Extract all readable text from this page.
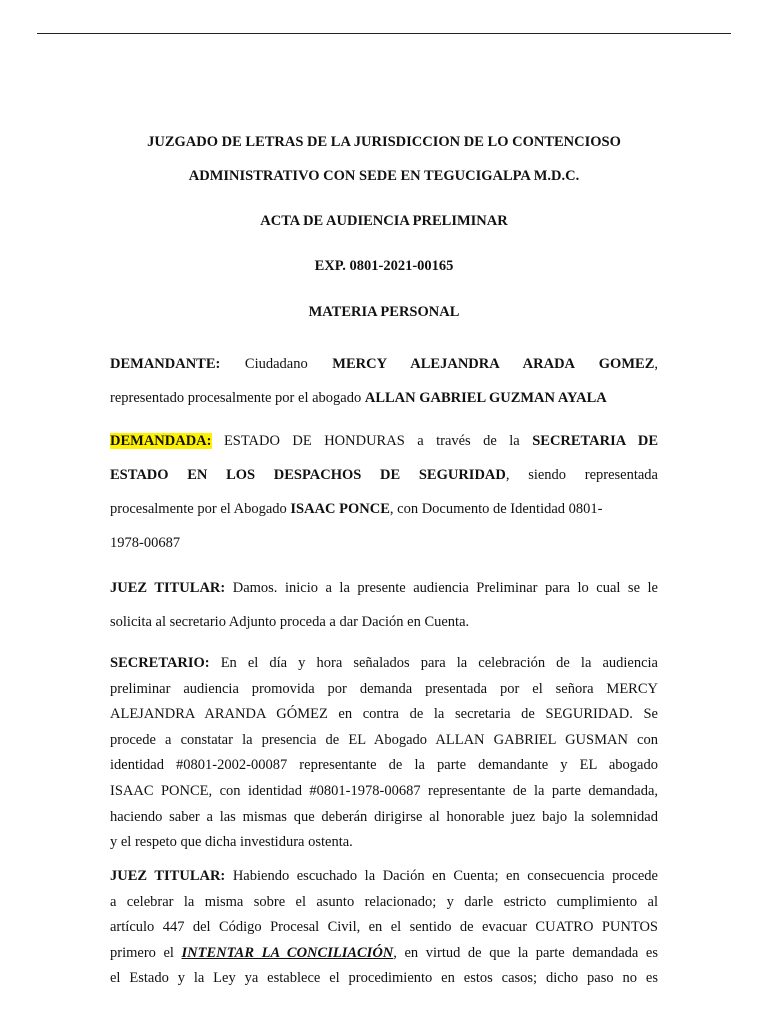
JUZGADO DE LETRAS DE LA JURISDICCION DE LO CONTENCIOSO
ADMINISTRATIVO CON SEDE EN TEGUCIGALPA M.D.C.
ACTA DE AUDIENCIA PRELIMINAR
EXP. 0801-2021-00165
MATERIA PERSONAL
DEMANDANTE: Ciudadano MERCY ALEJANDRA ARADA GOMEZ,
representado procesalmente por el abogado ALLAN GABRIEL GUZMAN AYALA
DEMANDADA: ESTADO DE HONDURAS a través de la SECRETARIA DE
ESTADO EN LOS DESPACHOS DE SEGURIDAD, siendo representada
procesalmente por el Abogado ISAAC PONCE, con Documento de Identidad 0801-
1978-00687
JUEZ TITULAR: Damos. inicio a la presente audiencia Preliminar para lo cual se le
solicita al secretario Adjunto proceda a dar Dación en Cuenta.
SECRETARIO: En el día y hora señalados para la celebración de la audiencia
preliminar audiencia promovida por demanda presentada por el señora MERCY
ALEJANDRA ARANDA GÓMEZ en contra de la secretaria de SEGURIDAD. Se
procede a constatar la presencia de EL Abogado ALLAN GABRIEL GUSMAN con
identidad #0801-2002-00087 representante de la parte demandante y EL abogado
ISAAC PONCE, con identidad #0801-1978-00687 representante de la parte demandada,
haciendo saber a las mismas que deberán dirigirse al honorable juez bajo la solemnidad
y el respeto que dicha investidura ostenta.
JUEZ TITULAR: Habiendo escuchado la Dación en Cuenta; en consecuencia procede
a celebrar la misma sobre el asunto relacionado; y darle estricto cumplimiento al
artículo 447 del Código Procesal Civil, en el sentido de evacuar CUATRO PUNTOS
primero el INTENTAR LA CONCILIACIÓN, en virtud de que la parte demandada es
el Estado y la Ley ya establece el procedimiento en estos casos; dicho paso no es
